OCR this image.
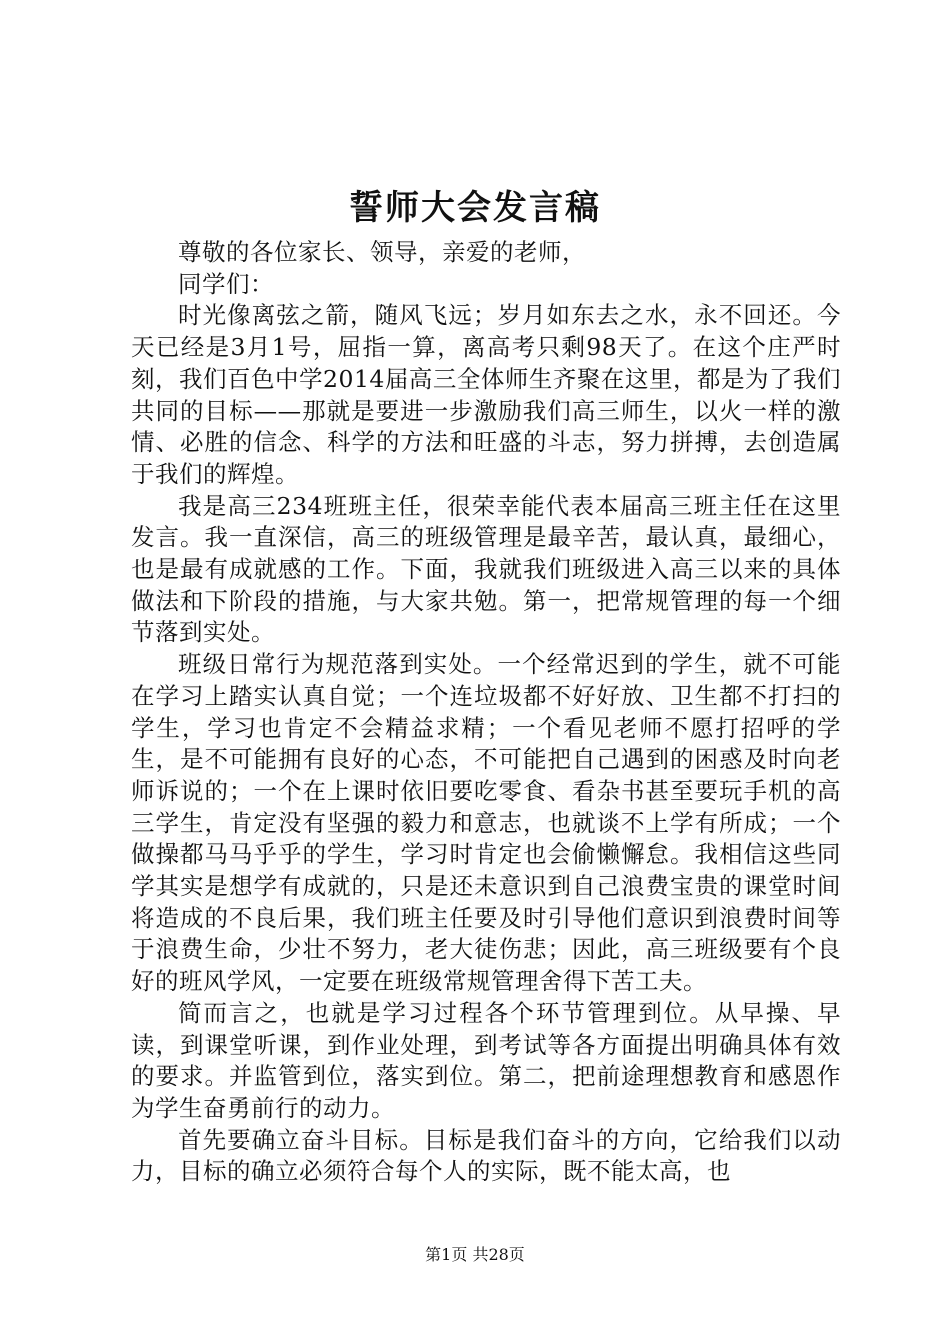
誓师大会发言稿

尊敬的各位家长、领导，亲爱的老师，

同学们：

时光像离弦之箭，随风飞远；岁月如东去之水，永不回还。今天已经是3月1号，屈指一算，离高考只剩98天了。在这个庄严时刻，我们百色中学2014届高三全体师生齐聚在这里，都是为了我们共同的目标——那就是要进一步激励我们高三师生，以火一样的激情、必胜的信念、科学的方法和旺盛的斗志，努力拼搏，去创造属于我们的辉煌。

我是高三234班班主任，很荣幸能代表本届高三班主任在这里发言。我一直深信，高三的班级管理是最辛苦，最认真，最细心，也是最有成就感的工作。下面，我就我们班级进入高三以来的具体做法和下阶段的措施，与大家共勉。第一，把常规管理的每一个细节落到实处。

班级日常行为规范落到实处。一个经常迟到的学生，就不可能在学习上踏实认真自觉；一个连垃圾都不好好放、卫生都不打扫的学生，学习也肯定不会精益求精；一个看见老师不愿打招呼的学生，是不可能拥有良好的心态，不可能把自己遇到的困惑及时向老师诉说的；一个在上课时依旧要吃零食、看杂书甚至要玩手机的高三学生，肯定没有坚强的毅力和意志，也就谈不上学有所成；一个做操都马马乎乎的学生，学习时肯定也会偷懒懈怠。我相信这些同学其实是想学有成就的，只是还未意识到自己浪费宝贵的课堂时间将造成的不良后果，我们班主任要及时引导他们意识到浪费时间等于浪费生命，少壮不努力，老大徒伤悲；因此，高三班级要有个良好的班风学风，一定要在班级常规管理舍得下苦工夫。

简而言之，也就是学习过程各个环节管理到位。从早操、早读，到课堂听课，到作业处理，到考试等各方面提出明确具体有效的要求。并监管到位，落实到位。第二，把前途理想教育和感恩作为学生奋勇前行的动力。

首先要确立奋斗目标。目标是我们奋斗的方向，它给我们以动力，目标的确立必须符合每个人的实际，既不能太高，也

第1页 共28页
